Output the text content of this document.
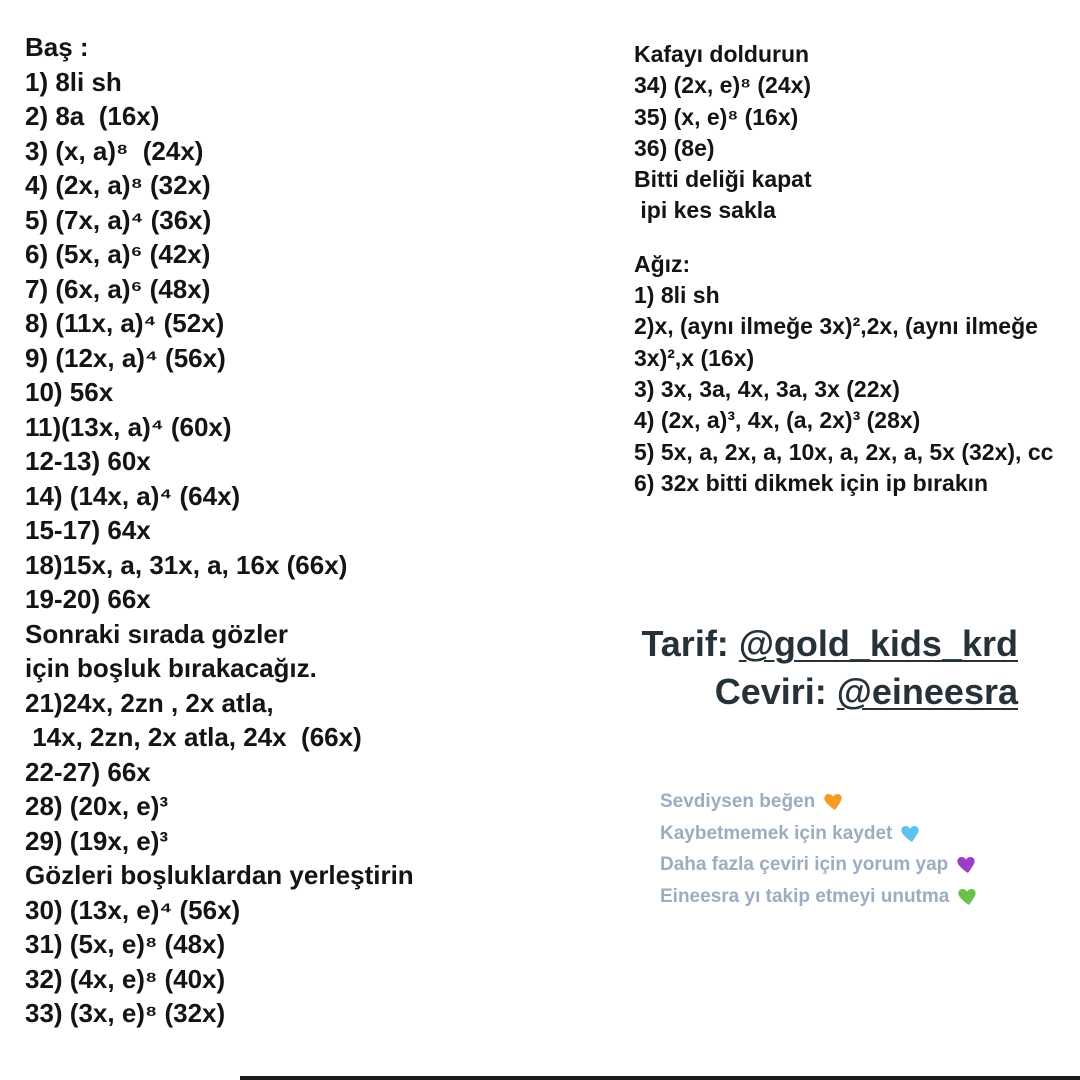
Baş :
1) 8li sh
2) 8a  (16x)
3) (x, a)⁸  (24x)
4) (2x, a)⁸ (32x)
5) (7x, a)⁴ (36x)
6) (5x, a)⁶ (42x)
7) (6x, a)⁶ (48x)
8) (11x, a)⁴ (52x)
9) (12x, a)⁴ (56x)
10) 56x
11)(13x, a)⁴ (60x)
12-13) 60x
14) (14x, a)⁴ (64x)
15-17) 64x
18)15x, a, 31x, a, 16x (66x)
19-20) 66x
Sonraki sırada gözler
için boşluk bırakacağız.
21)24x, 2zn , 2x atla,
14x, 2zn, 2x atla, 24x  (66x)
22-27) 66x
28) (20x, e)³
29) (19x, e)³
Gözleri boşluklardan yerleştirin
30) (13x, e)⁴ (56x)
31) (5x, e)⁸ (48x)
32) (4x, e)⁸ (40x)
33) (3x, e)⁸ (32x)
Kafayı doldurun
34) (2x, e)⁸ (24x)
35) (x, e)⁸ (16x)
36) (8e)
Bitti deliği kapat
ipi kes sakla
Ağız:
1) 8li sh
2)x, (aynı ilmeğe 3x)²,2x, (aynı ilmeğe 3x)²,x (16x)
3) 3x, 3a, 4x, 3a, 3x (22x)
4) (2x, a)³, 4x, (a, 2x)³ (28x)
5) 5x, a, 2x, a, 10x, a, 2x, a, 5x (32x), cc
6) 32x bitti dikmek için ip bırakın
Tarif: @gold_kids_krd
Ceviri: @eineesra
Sevdiysen beğen
Kaybetmemek için kaydet
Daha fazla çeviri için yorum yap
Eineesra yı takip etmeyi unutma
